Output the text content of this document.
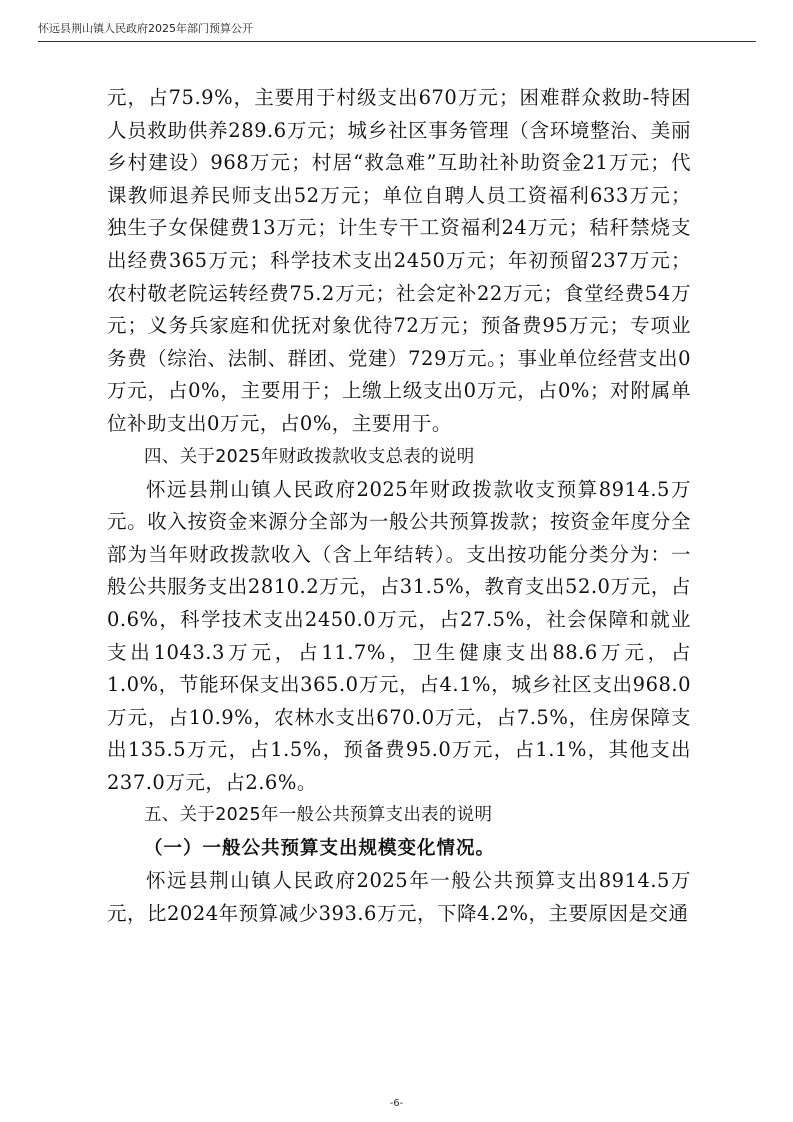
怀远县荆山镇人民政府2025年部门预算公开

元，占75.9%，主要用于村级支出670万元；困难群众救助-特困人员救助供养289.6万元；城乡社区事务管理（含环境整治、美丽乡村建设）968万元；村居“救急难”互助社补助资金21万元；代课教师退养民师支出52万元；单位自聘人员工资福利633万元；独生子女保健费13万元；计生专干工资福利24万元；秸秆禁烧支出经费365万元；科学技术支出2450万元；年初预留237万元；农村敬老院运转经费75.2万元；社会定补22万元；食堂经费54万元；义务兵家庭和优抚对象优待72万元；预备费95万元；专项业务费（综治、法制、群团、党建）729万元。；事业单位经营支出0万元，占0%，主要用于；上缴上级支出0万元，占0%；对附属单位补助支出0万元，占0%，主要用于。

四、关于2025年财政拨款收支总表的说明

怀远县荆山镇人民政府2025年财政拨款收支预算8914.5万元。收入按资金来源分全部为一般公共预算拨款；按资金年度分全部为当年财政拨款收入（含上年结转）。支出按功能分类分为：一般公共服务支出2810.2万元，占31.5%，教育支出52.0万元，占0.6%，科学技术支出2450.0万元，占27.5%，社会保障和就业支出1043.3万元，占11.7%，卫生健康支出88.6万元，占1.0%，节能环保支出365.0万元，占4.1%，城乡社区支出968.0万元，占10.9%，农林水支出670.0万元，占7.5%，住房保障支出135.5万元，占1.5%，预备费95.0万元，占1.1%，其他支出237.0万元，占2.6%。

五、关于2025年一般公共预算支出表的说明

（一）一般公共预算支出规模变化情况。

怀远县荆山镇人民政府2025年一般公共预算支出8914.5万元，比2024年预算减少393.6万元，下降4.2%，主要原因是交通

-6-
